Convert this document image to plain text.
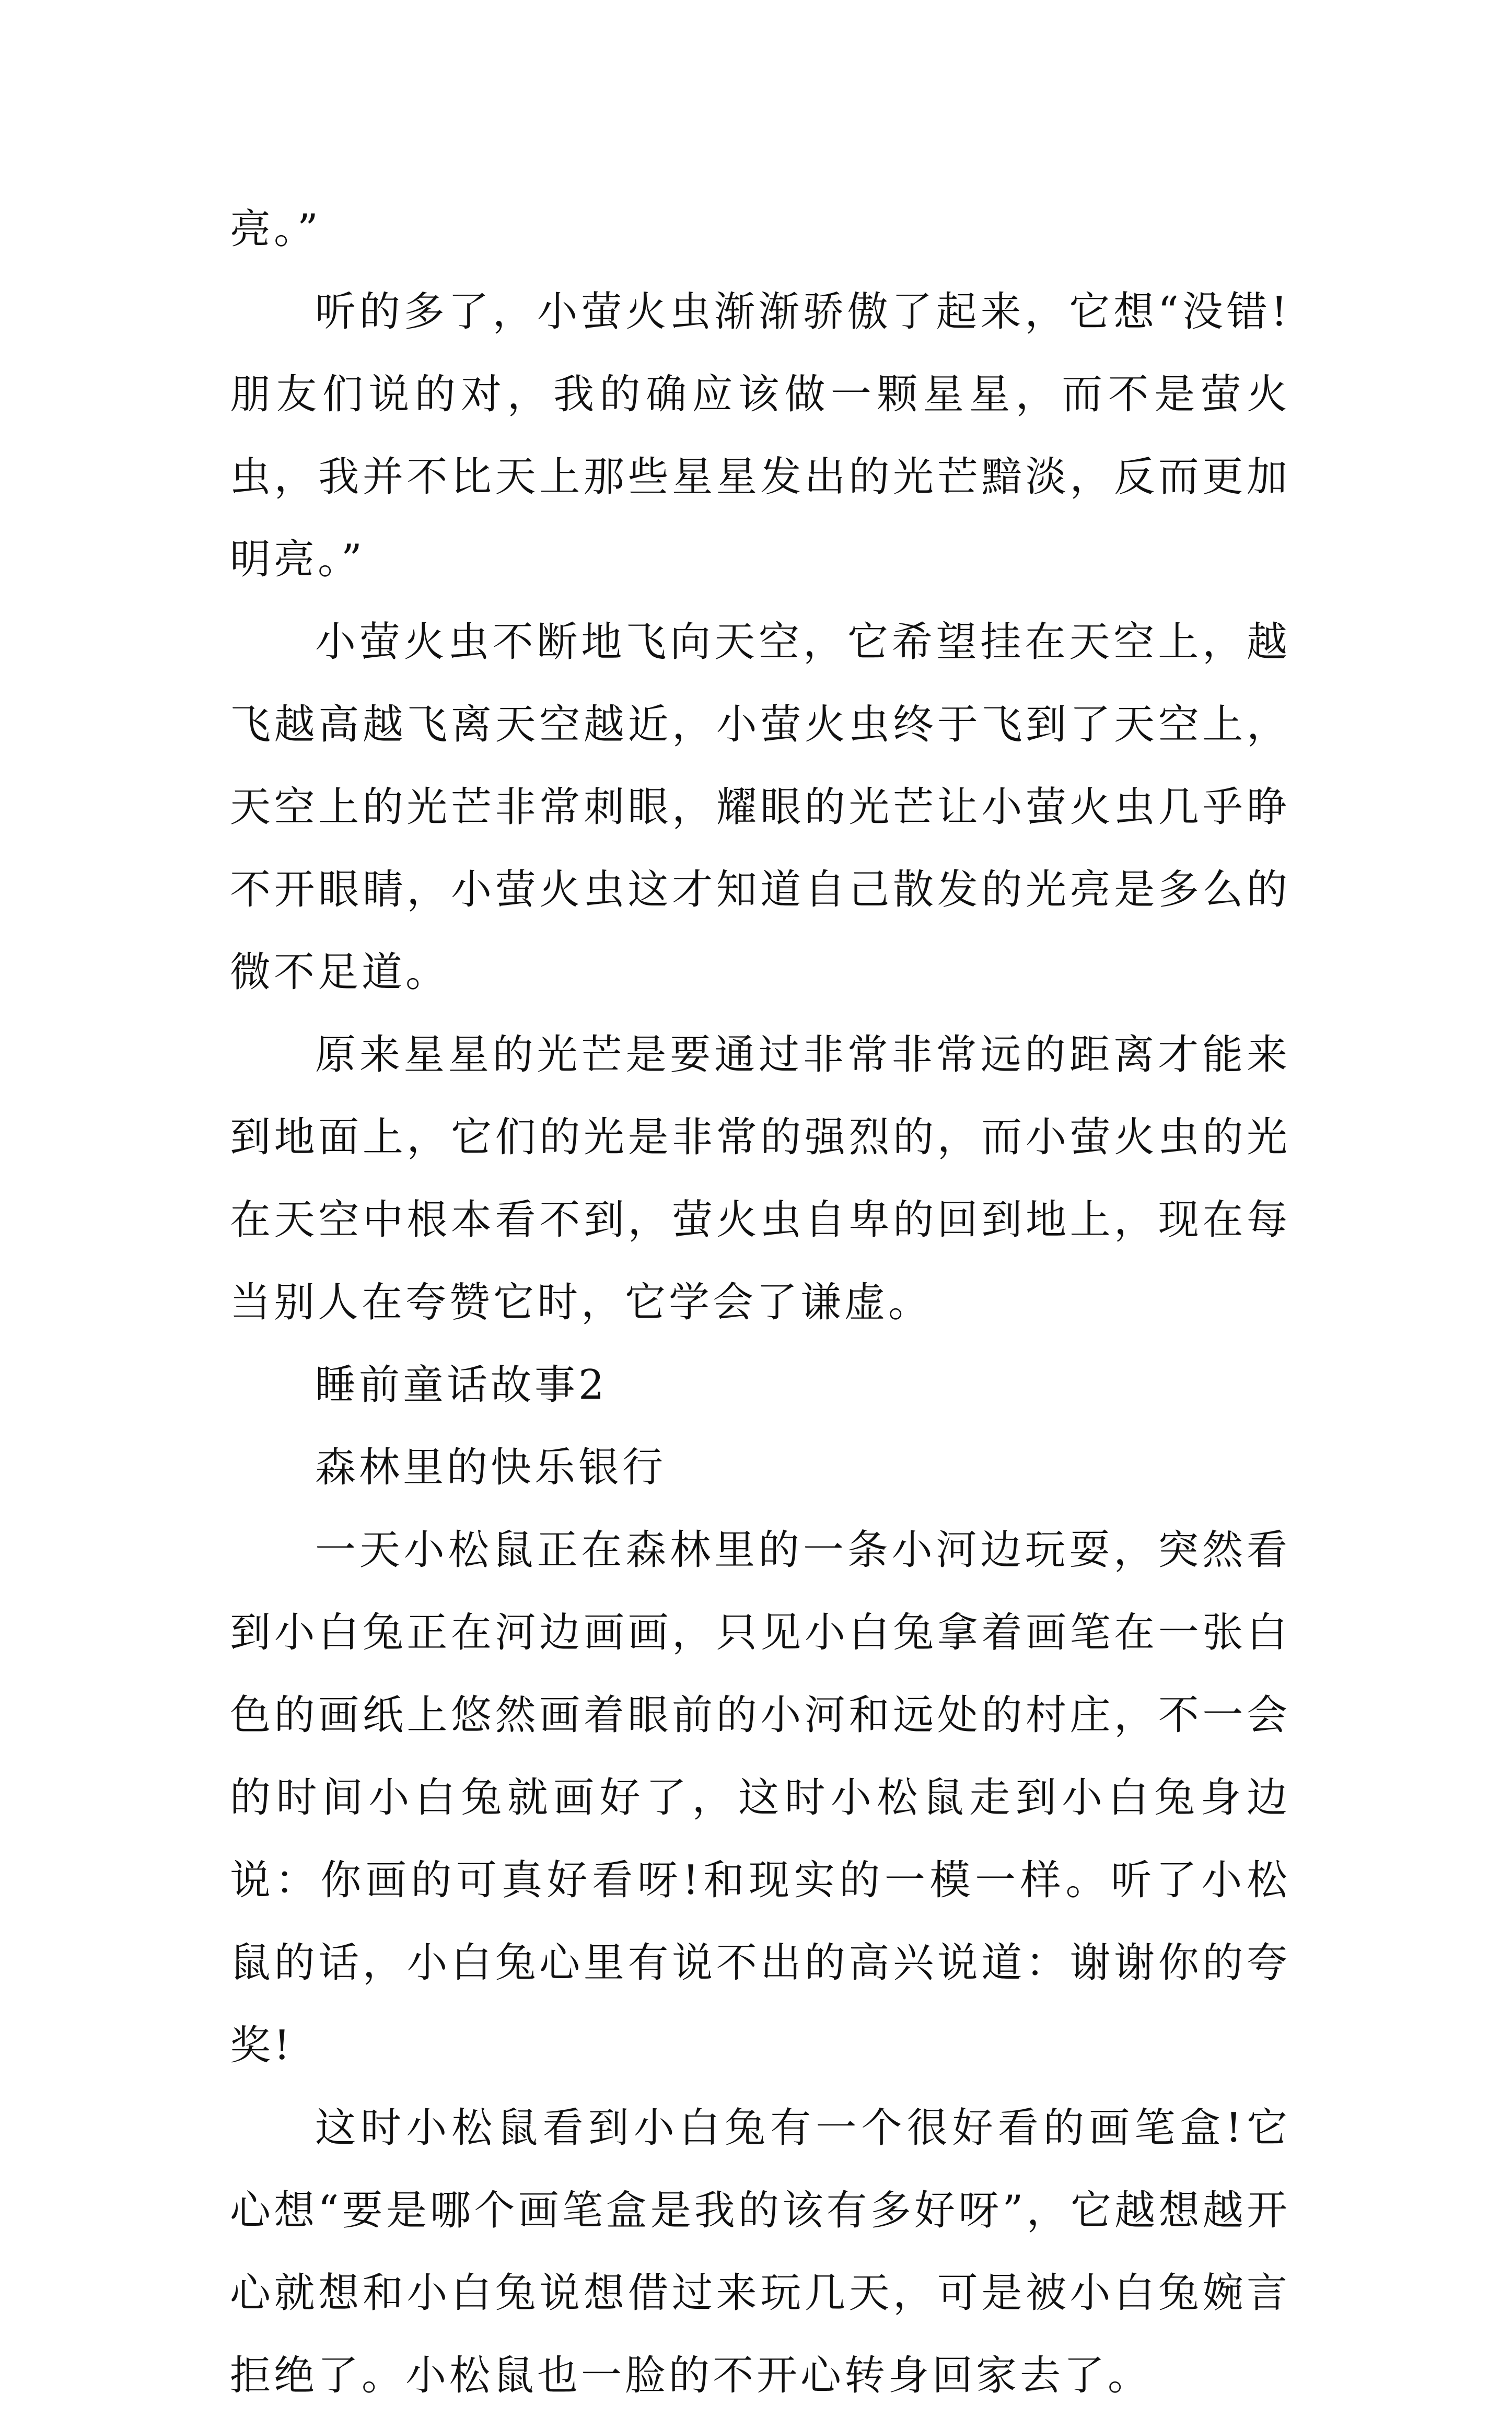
亮。”

听的多了，小萤火虫渐渐骄傲了起来，它想“没错!朋友们说的对，我的确应该做一颗星星，而不是萤火虫，我并不比天上那些星星发出的光芒黯淡，反而更加明亮。”

小萤火虫不断地飞向天空，它希望挂在天空上，越飞越高越飞离天空越近，小萤火虫终于飞到了天空上，天空上的光芒非常刺眼，耀眼的光芒让小萤火虫几乎睁不开眼睛，小萤火虫这才知道自己散发的光亮是多么的微不足道。

原来星星的光芒是要通过非常非常远的距离才能来到地面上，它们的光是非常的强烈的，而小萤火虫的光在天空中根本看不到，萤火虫自卑的回到地上，现在每当别人在夸赞它时，它学会了谦虚。

睡前童话故事2

森林里的快乐银行

一天小松鼠正在森林里的一条小河边玩耍，突然看到小白兔正在河边画画，只见小白兔拿着画笔在一张白色的画纸上悠然画着眼前的小河和远处的村庄，不一会的时间小白兔就画好了，这时小松鼠走到小白兔身边说：你画的可真好看呀!和现实的一模一样。听了小松鼠的话，小白兔心里有说不出的高兴说道：谢谢你的夸奖!

这时小松鼠看到小白兔有一个很好看的画笔盒!它心想“要是哪个画笔盒是我的该有多好呀”，它越想越开心就想和小白兔说想借过来玩几天，可是被小白兔婉言拒绝了。小松鼠也一脸的不开心转身回家去了。
